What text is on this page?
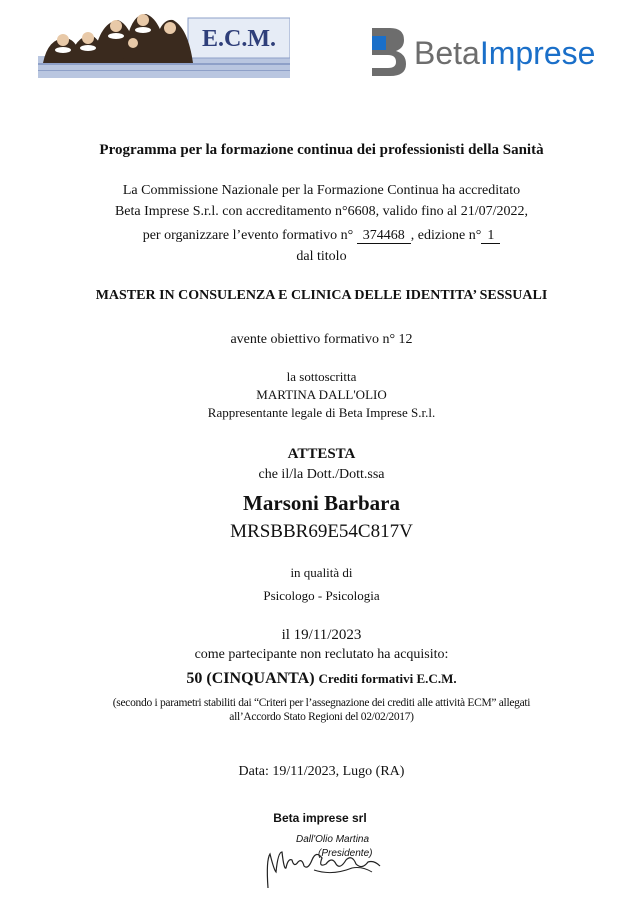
E.C.M.	BetaImprese
Programma per la formazione continua dei professionisti della Sanità
La Commissione Nazionale per la Formazione Continua ha accreditato
Beta Imprese S.r.l. con accreditamento n°6608, valido fino al 21/07/2022,
per organizzare l’evento formativo n° 374468 , edizione n° 1
dal titolo
MASTER IN CONSULENZA E CLINICA DELLE IDENTITA’ SESSUALI
avente obiettivo formativo n° 12
la sottoscritta
MARTINA DALL'OLIO
Rappresentante legale di Beta Imprese S.r.l.
ATTESTA
che il/la Dott./Dott.ssa
Marsoni Barbara
MRSBBR69E54C817V
in qualità di
Psicologo - Psicologia
il 19/11/2023
come partecipante non reclutato ha acquisito:
50 (CINQUANTA) Crediti formativi E.C.M.
(secondo i parametri stabiliti dai “Criteri per l’assegnazione dei crediti alle attività ECM” allegati
all’Accordo Stato Regioni del 02/02/2017)
Data: 19/11/2023, Lugo (RA)
Beta imprese srl
Dall'Olio Martina
(Presidente)
